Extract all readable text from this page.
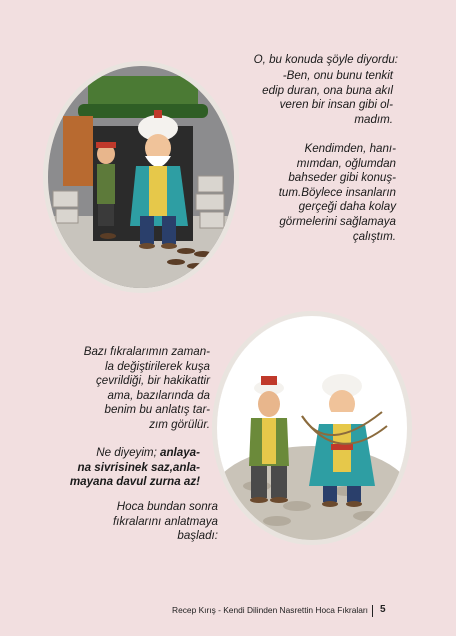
O, bu konuda şöyle diyordu:

-Ben, onu bunu tenkit
edip duran, ona buna akıl
veren bir insan gibi ol-
madım.

Kendimden, hanı-
mımdan, oğlumdan
bahseder gibi konuş-
tum.Böylece insanların
gerçeği daha kolay
görmelerini sağlamaya
çalıştım.

Bazı fıkralarımın zaman-
la değiştirilerek kuşa
çevrildiği, bir hakikattir
ama, bazılarında da
benim bu anlatış tar-
zım görülür.

Ne diyeyim; anlaya-
na sivrisinek saz,anla-
mayana davul zurna az!

Hoca bundan sonra
fıkralarını anlatmaya
başladı:

Recep Kırış - Kendi Dilinden Nasrettin Hoca Fıkraları 5
